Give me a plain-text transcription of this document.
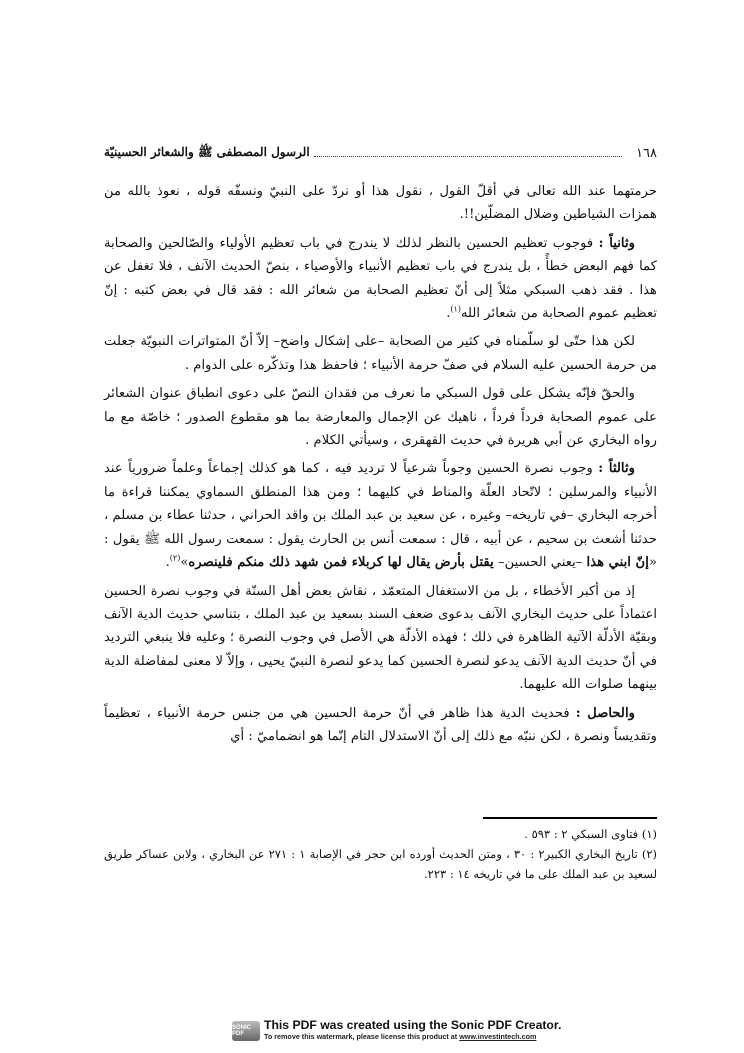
١٦٨
الرسول المصطفى ﷺ والشعائر الحسينيّة

حرمتهما عند الله تعالى في أقلّ القول ، نقول هذا أو نردّ على النبيّ ونسفّه قوله ، نعوذ بالله من همزات الشياطين وضلال المضلّين!!.

وثانياً : فوجوب تعظيم الحسين بالنظر لذلك لا يندرج في باب تعظيم الأولياء والصّالحين والصحابة كما فهم البعض خطأً ، بل يندرج في باب تعظيم الأنبياء والأوصياء ، بنصّ الحديث الآنف ، فلا تغفل عن هذا . فقد ذهب السبكي مثلاً إلى أنّ تعظيم الصحابة من شعائر الله : فقد قال في بعض كتبه : إنّ تعظيم عموم الصحابة من شعائر الله$^{(١)}$.

لكن هذا حتّى لو سلّمناه في كثير من الصحابة –على إشكال واضح– إلاّ أنّ المتواترات النبويّة جعلت من حرمة الحسين عليه السلام في صفّ حرمة الأنبياء ؛ فاحفظ هذا وتذكّره على الدوام .

والحقّ فإنّه يشكل على قول السبكي ما نعرف من فقدان النصّ على دعوى انطباق عنوان الشعائر على عموم الصحابة فرداً فرداً ، ناهيك عن الإجمال والمعارضة بما هو مقطوع الصدور ؛ خاصّة مع ما رواه البخاري عن أبي هريرة في حديث القهقرى ، وسيأتي الكلام .

وثالثاً : وجوب نصرة الحسين وجوباً شرعياً لا ترديد فيه ، كما هو كذلك إجماعاً وعلماً ضرورياً عند الأنبياء والمرسلين ؛ لاتّحاد العلّة والمناط في كليهما ؛ ومن هذا المنطلق السماوي يمكننا قراءة ما أخرجه البخاري –في تاريخه– وغيره ، عن سعيد بن عبد الملك بن واقد الحراني ، حدثنا عطاء بن مسلم ، حدثنا أشعث بن سحيم ، عن أبيه ، قال : سمعت أنس بن الحارث يقول : سمعت رسول الله ﷺ يقول : «إنّ ابني هذا –يعني الحسين– يقتل بأرض يقال لها كربلاء فمن شهد ذلك منكم فلينصره»$^{(٢)}$.

إذ من أكبر الأخطاء ، بل من الاستغفال المتعمّد ، نقاش بعض أهل السنّة في وجوب نصرة الحسين اعتماداً على حديث البخاري الآنف بدعوى ضعف السند بسعيد بن عبد الملك ، بتناسي حديث الدية الآنف وبقيّة الأدلّة الآتية الظاهرة في ذلك ؛ فهذه الأدلّة هي الأصل في وجوب النصرة ؛ وعليه فلا ينبغي الترديد في أنّ حديث الدية الآنف يدعو لنصرة الحسين كما يدعو لنصرة النبيّ يحيى ، وإلاّ لا معنى لمفاضلة الدية بينهما صلوات الله عليهما.

والحاصل : فحديث الدية هذا ظاهر في أنّ حرمة الحسين هي من جنس حرمة الأنبياء ، تعظيماً وتقديساً ونصرة ، لكن ننبّه مع ذلك إلى أنّ الاستدلال التام إنّما هو انضماميّ : أي

(١) فتاوى السبكي ٢ : ٥٩٣ .

(٢) تاريخ البخاري الكبير٢ : ٣٠ ، ومتن الحديث أورده ابن حجر في الإصابة ١ : ٢٧١ عن البخاري ، ولابن عساكر طريق لسعيد بن عبد الملك على ما في تاريخه ١٤ : ٢٢٣.

SONIC PDF
This PDF was created using the Sonic PDF Creator.
To remove this watermark, please license this product at www.investintech.com
